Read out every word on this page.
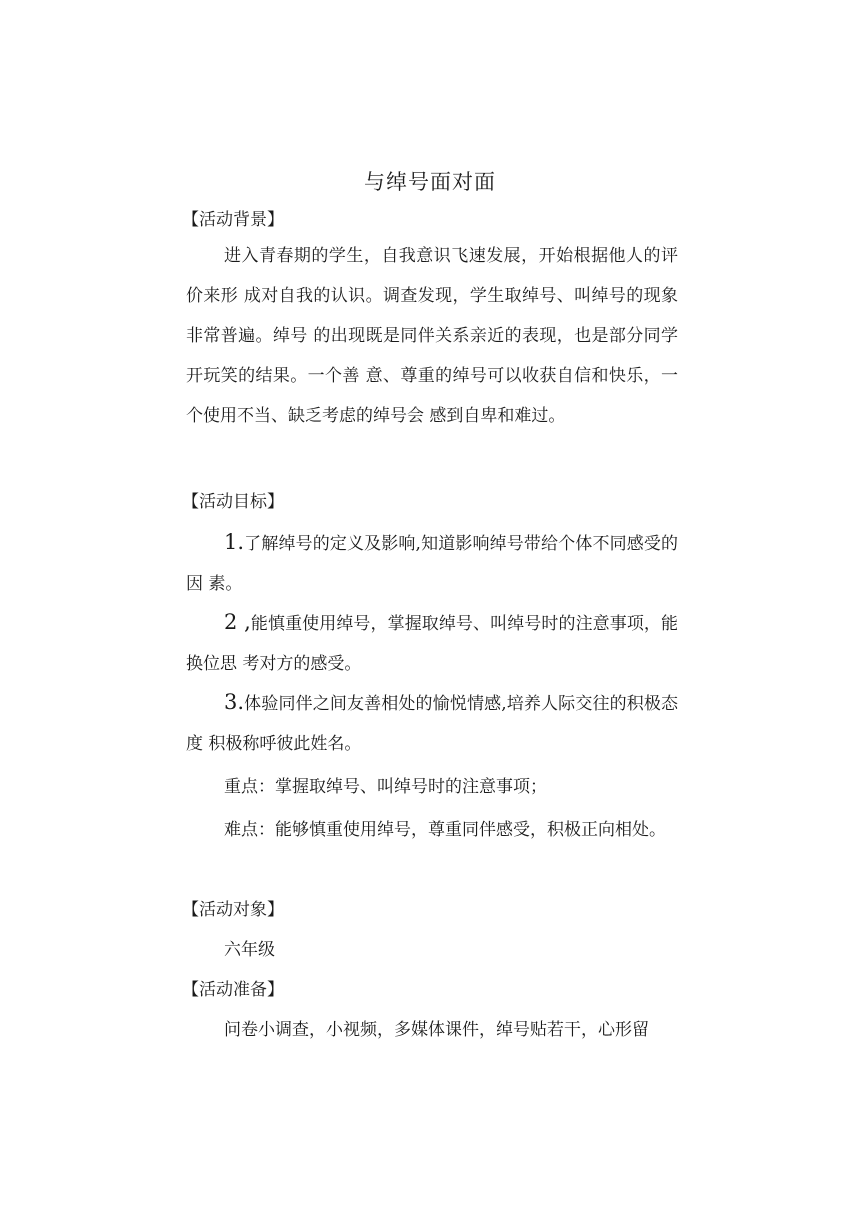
与绰号面对面
【活动背景】

进入青春期的学生，自我意识飞速发展，开始根据他人的评价来形 成对自我的认识。调查发现，学生取绰号、叫绰号的现象非常普遍。绰号 的出现既是同伴关系亲近的表现，也是部分同学开玩笑的结果。一个善 意、尊重的绰号可以收获自信和快乐，一个使用不当、缺乏考虑的绰号会 感到自卑和难过。

【活动目标】

1.了解绰号的定义及影响,知道影响绰号带给个体不同感受的因 素。

2 ,能慎重使用绰号，掌握取绰号、叫绰号时的注意事项，能换位思 考对方的感受。

3.体验同伴之间友善相处的愉悦情感,培养人际交往的积极态度 积极称呼彼此姓名。

重点：掌握取绰号、叫绰号时的注意事项；

难点：能够慎重使用绰号，尊重同伴感受，积极正向相处。

【活动对象】
六年级
【活动准备】

问卷小调查，小视频，多媒体课件，绰号贴若干，心形留
